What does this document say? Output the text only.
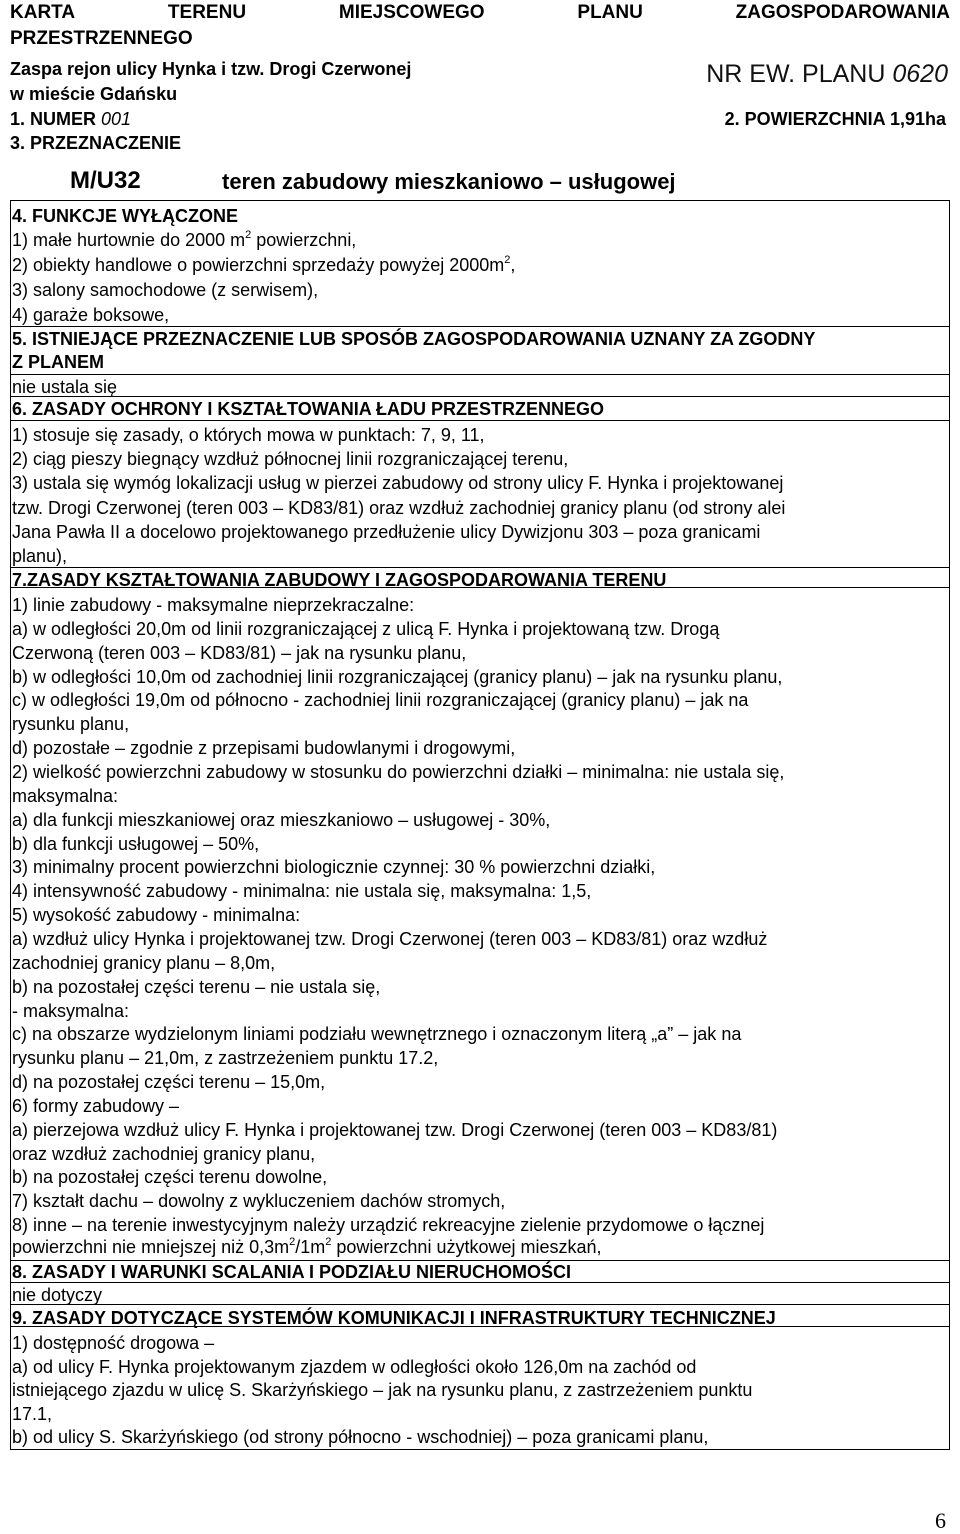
KARTA	TERENU	MIEJSCOWEGO	PLANU	ZAGOSPODAROWANIA
PRZESTRZENNEGO
Zaspa rejon ulicy Hynka i tzw. Drogi Czerwonej
w mieście Gdańsku
NR EW. PLANU 0620
1. NUMER 001	2. POWIERZCHNIA 1,91ha
3. PRZEZNACZENIE
M/U32	teren zabudowy mieszkaniowo – usługowej
4. FUNKCJE WYŁĄCZONE
1) małe hurtownie do 2000 $m^2$ powierzchni,
2) obiekty handlowe o powierzchni sprzedaży powyżej $2000m^2$,
3) salony samochodowe (z serwisem),
4) garaże boksowe,
5. ISTNIEJĄCE PRZEZNACZENIE LUB SPOSÓB ZAGOSPODAROWANIA UZNANY ZA ZGODNY
Z PLANEM
nie ustala się
6. ZASADY OCHRONY I KSZTAŁTOWANIA ŁADU PRZESTRZENNEGO
1) stosuje się zasady, o których mowa w punktach: 7, 9, 11,
2) ciąg pieszy biegnący wzdłuż północnej linii rozgraniczającej terenu,
3) ustala się wymóg lokalizacji usług w pierzei zabudowy od strony ulicy F. Hynka i projektowanej
tzw. Drogi Czerwonej (teren 003 – KD83/81) oraz wzdłuż zachodniej granicy planu (od strony alei
Jana Pawła II a docelowo projektowanego przedłużenie ulicy Dywizjonu 303 – poza granicami
planu),
7.ZASADY KSZTAŁTOWANIA ZABUDOWY I ZAGOSPODAROWANIA TERENU
1) linie zabudowy - maksymalne nieprzekraczalne:
a) w odległości 20,0m od linii rozgraniczającej z ulicą F. Hynka i projektowaną tzw. Drogą
Czerwoną (teren 003 – KD83/81) – jak na rysunku planu,
b) w odległości 10,0m od zachodniej linii rozgraniczającej (granicy planu) – jak na rysunku planu,
c) w odległości 19,0m od północno - zachodniej linii rozgraniczającej (granicy planu) – jak na
rysunku planu,
d) pozostałe – zgodnie z przepisami budowlanymi i drogowymi,
2) wielkość powierzchni zabudowy w stosunku do powierzchni działki – minimalna: nie ustala się,
maksymalna:
a) dla funkcji mieszkaniowej oraz mieszkaniowo – usługowej - 30%,
b) dla funkcji usługowej – 50%,
3) minimalny procent powierzchni biologicznie czynnej: 30 % powierzchni działki,
4) intensywność zabudowy - minimalna: nie ustala się, maksymalna: 1,5,
5) wysokość zabudowy - minimalna:
a) wzdłuż ulicy Hynka i projektowanej tzw. Drogi Czerwonej (teren 003 – KD83/81) oraz wzdłuż
zachodniej granicy planu – 8,0m,
b) na pozostałej części terenu – nie ustala się,
- maksymalna:
c) na obszarze wydzielonym liniami podziału wewnętrznego i oznaczonym literą „a” – jak na
rysunku planu – 21,0m, z zastrzeżeniem punktu 17.2,
d) na pozostałej części terenu – 15,0m,
6) formy zabudowy –
a) pierzejowa wzdłuż ulicy F. Hynka i projektowanej tzw. Drogi Czerwonej (teren 003 – KD83/81)
oraz wzdłuż zachodniej granicy planu,
b) na pozostałej części terenu dowolne,
7) kształt dachu – dowolny z wykluczeniem dachów stromych,
8) inne – na terenie inwestycyjnym należy urządzić rekreacyjne zielenie przydomowe o łącznej
powierzchni nie mniejszej niż $0,3m^2/1m^2$ powierzchni użytkowej mieszkań,
8. ZASADY I WARUNKI SCALANIA I PODZIAŁU NIERUCHOMOŚCI
nie dotyczy
9. ZASADY DOTYCZĄCE SYSTEMÓW KOMUNIKACJI I INFRASTRUKTURY TECHNICZNEJ
1) dostępność drogowa –
a) od ulicy F. Hynka projektowanym zjazdem w odległości około 126,0m na zachód od
istniejącego zjazdu w ulicę S. Skarżyńskiego – jak na rysunku planu, z zastrzeżeniem punktu
17.1,
b) od ulicy S. Skarżyńskiego (od strony północno - wschodniej) – poza granicami planu,
6
